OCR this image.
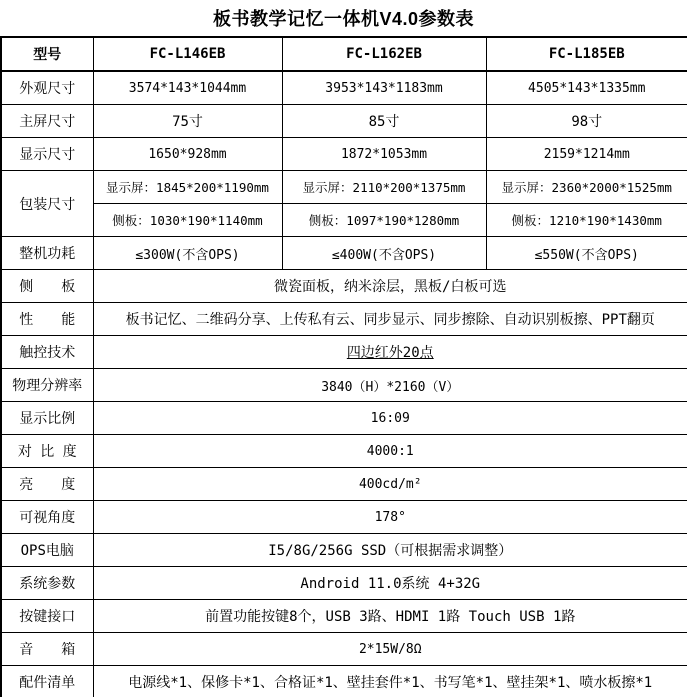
板书教学记忆一体机V4.0参数表
型号	FC-L146EB	FC-L162EB	FC-L185EB
外观尺寸	3574*143*1044mm	3953*143*1183mm	4505*143*1335mm
主屏尺寸	75寸	85寸	98寸
显示尺寸	1650*928mm	1872*1053mm	2159*1214mm
包装尺寸	显示屏：1845*200*1190mm	显示屏：2110*200*1375mm	显示屏：2360*2000*1525mm
	侧板：1030*190*1140mm	侧板：1097*190*1280mm	侧板：1210*190*1430mm
整机功耗	≤300W(不含OPS)	≤400W(不含OPS)	≤550W(不含OPS)
侧　　板	微瓷面板，纳米涂层，黑板/白板可选		
性　　能	板书记忆、二维码分享、上传私有云、同步显示、同步擦除、自动识别板擦、PPT翻页		
触控技术	四边红外20点		
物理分辨率	3840（H）*2160（V）		
显示比例	16:09		
对 比 度	4000:1		
亮　　度	400cd/m²		
可视角度	178°		
OPS电脑	I5/8G/256G SSD（可根据需求调整）		
系统参数	Android 11.0系统 4+32G		
按键接口	前置功能按键8个，USB 3路、HDMI 1路 Touch USB 1路		
音　　箱	2*15W/8Ω		
配件清单	电源线*1、保修卡*1、合格证*1、壁挂套件*1、书写笔*1、壁挂架*1、喷水板擦*1		
